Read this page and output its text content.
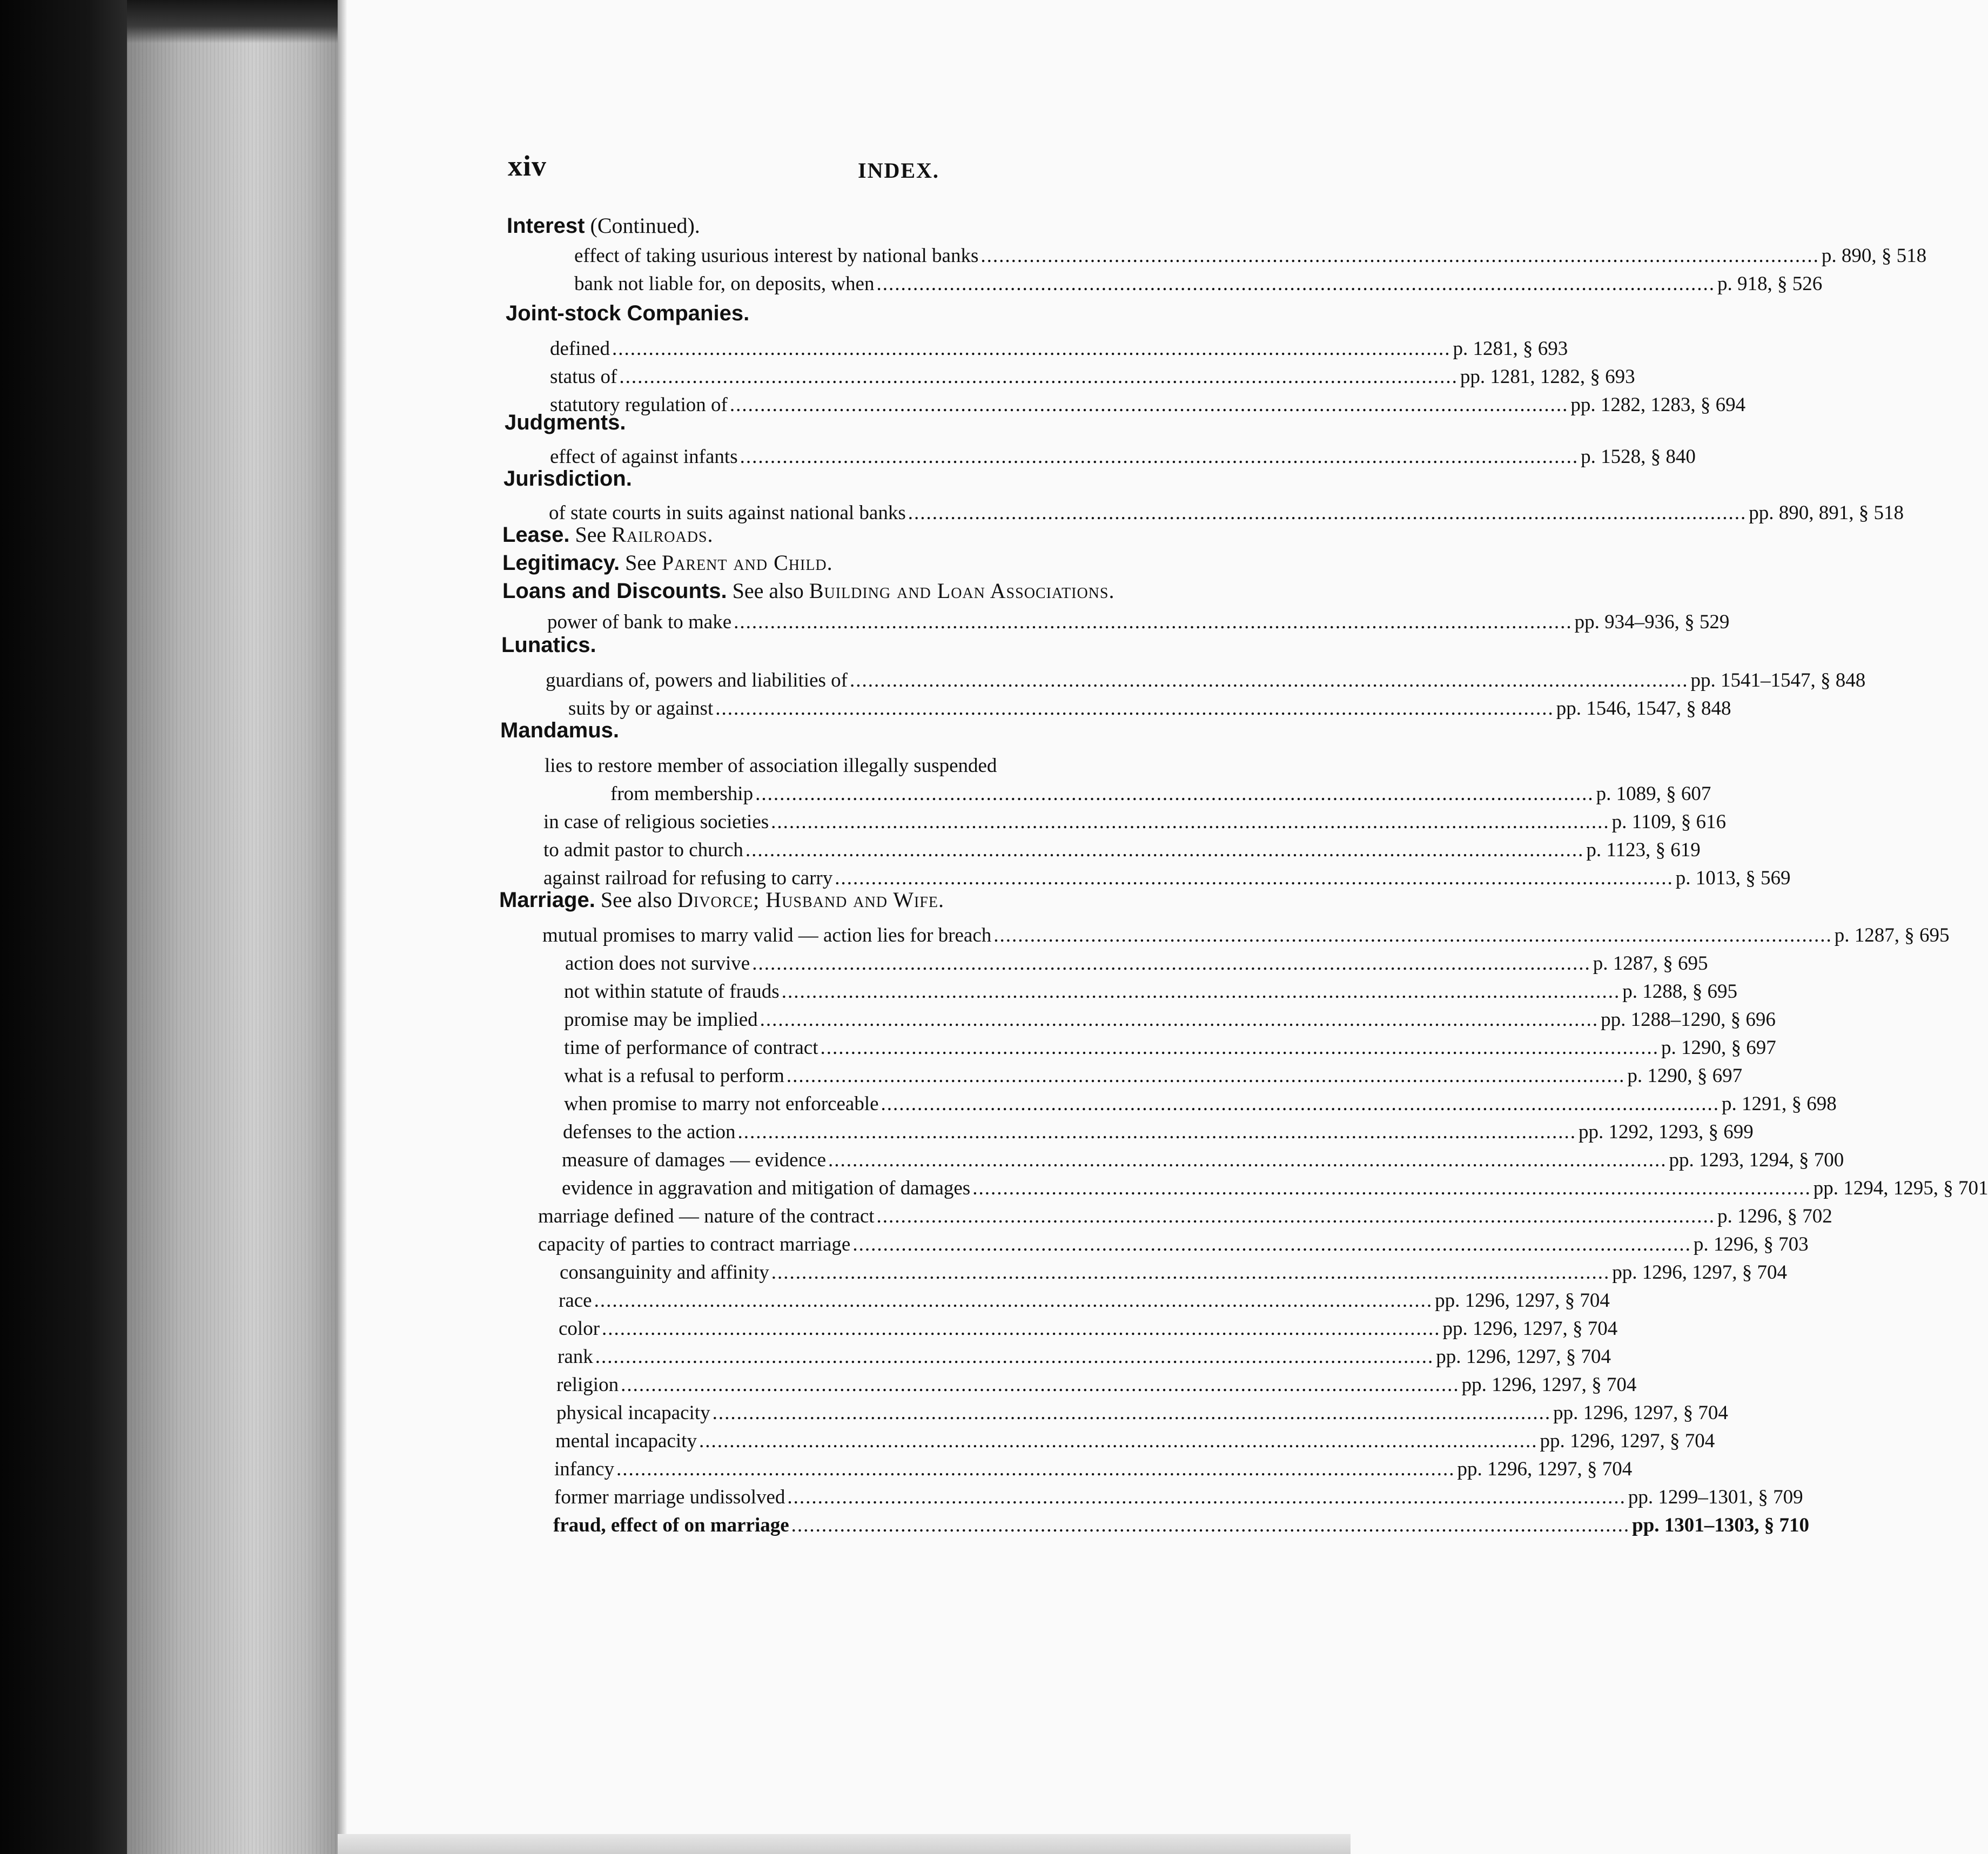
xiv	INDEX.
Interest (Continued).
effect of taking usurious interest by national banks .......................................................................................................................................... p. 890, § 518
bank not liable for, on deposits, when .......................................................................................................................................... p. 918, § 526
Joint-stock Companies.
defined .......................................................................................................................................... p. 1281, § 693
status of .......................................................................................................................................... pp. 1281, 1282, § 693
statutory regulation of .......................................................................................................................................... pp. 1282, 1283, § 694
Judgments.
effect of against infants .......................................................................................................................................... p. 1528, § 840
Jurisdiction.
of state courts in suits against national banks .......................................................................................................................................... pp. 890, 891, § 518
Lease. See Railroads.
Legitimacy. See Parent and Child.
Loans and Discounts. See also Building and Loan Associations.
power of bank to make .......................................................................................................................................... pp. 934–936, § 529
Lunatics.
guardians of, powers and liabilities of .......................................................................................................................................... pp. 1541–1547, § 848
suits by or against .......................................................................................................................................... pp. 1546, 1547, § 848
Mandamus.
lies to restore member of association illegally suspended
from membership .......................................................................................................................................... p. 1089, § 607
in case of religious societies .......................................................................................................................................... p. 1109, § 616
to admit pastor to church .......................................................................................................................................... p. 1123, § 619
against railroad for refusing to carry .......................................................................................................................................... p. 1013, § 569
Marriage. See also Divorce; Husband and Wife.
mutual promises to marry valid — action lies for breach .......................................................................................................................................... p. 1287, § 695
action does not survive .......................................................................................................................................... p. 1287, § 695
not within statute of frauds .......................................................................................................................................... p. 1288, § 695
promise may be implied .......................................................................................................................................... pp. 1288–1290, § 696
time of performance of contract .......................................................................................................................................... p. 1290, § 697
what is a refusal to perform .......................................................................................................................................... p. 1290, § 697
when promise to marry not enforceable .......................................................................................................................................... p. 1291, § 698
defenses to the action .......................................................................................................................................... pp. 1292, 1293, § 699
measure of damages — evidence .......................................................................................................................................... pp. 1293, 1294, § 700
evidence in aggravation and mitigation of damages .......................................................................................................................................... pp. 1294, 1295, § 701
marriage defined — nature of the contract .......................................................................................................................................... p. 1296, § 702
capacity of parties to contract marriage .......................................................................................................................................... p. 1296, § 703
consanguinity and affinity .......................................................................................................................................... pp. 1296, 1297, § 704
race .......................................................................................................................................... pp. 1296, 1297, § 704
color .......................................................................................................................................... pp. 1296, 1297, § 704
rank .......................................................................................................................................... pp. 1296, 1297, § 704
religion .......................................................................................................................................... pp. 1296, 1297, § 704
physical incapacity .......................................................................................................................................... pp. 1296, 1297, § 704
mental incapacity .......................................................................................................................................... pp. 1296, 1297, § 704
infancy .......................................................................................................................................... pp. 1296, 1297, § 704
former marriage undissolved .......................................................................................................................................... pp. 1299–1301, § 709
fraud, effect of on marriage .......................................................................................................................................... pp. 1301–1303, § 710
